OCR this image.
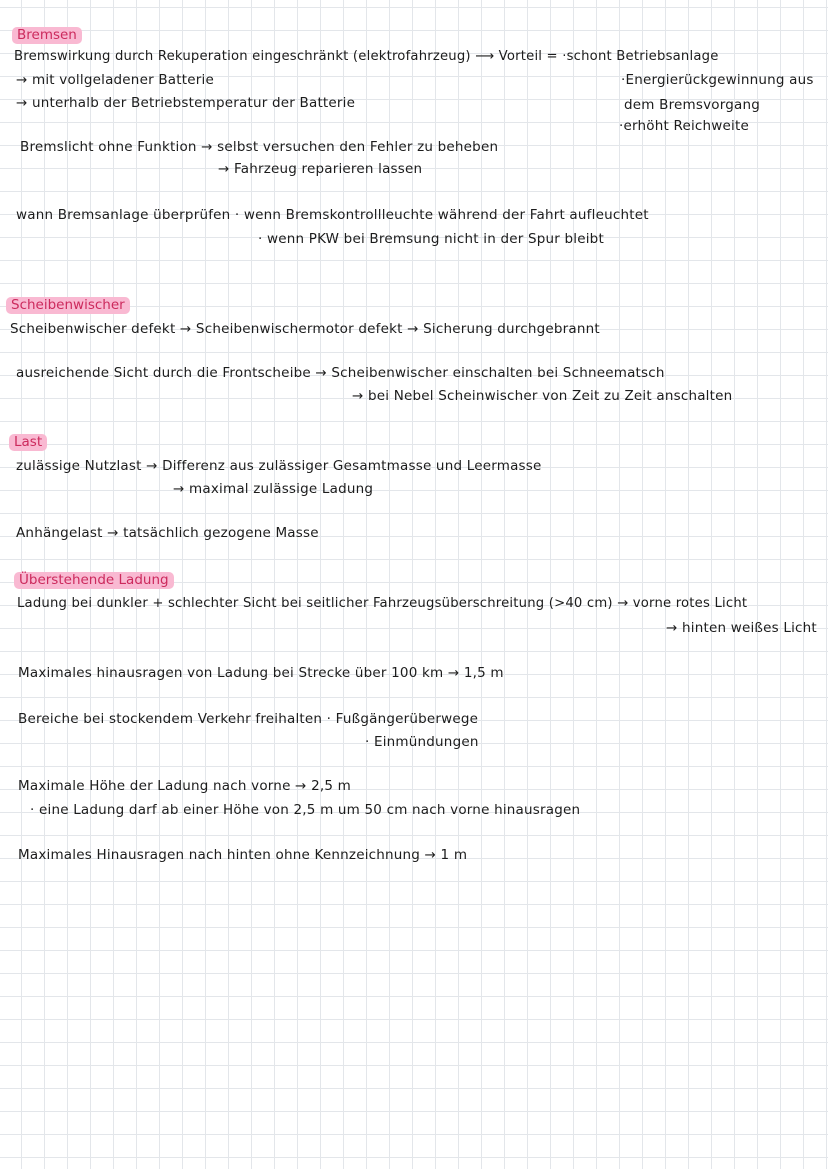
Bremsen
Bremswirkung durch Rekuperation eingeschränkt (elektrofahrzeug) ⟶ Vorteil = ·schont Betriebsanlage
→ mit vollgeladener Batterie	·Energierückgewinnung aus
→ unterhalb der Betriebstemperatur der Batterie	dem Bremsvorgang
·erhöht Reichweite
Bremslicht ohne Funktion → selbst versuchen den Fehler zu beheben
→ Fahrzeug reparieren lassen
wann Bremsanlage überprüfen · wenn Bremskontrollleuchte während der Fahrt aufleuchtet
· wenn PKW bei Bremsung nicht in der Spur bleibt
Scheibenwischer
Scheibenwischer defekt → Scheibenwischermotor defekt → Sicherung durchgebrannt
ausreichende Sicht durch die Frontscheibe → Scheibenwischer einschalten bei Schneematsch
→ bei Nebel Scheinwischer von Zeit zu Zeit anschalten
Last
zulässige Nutzlast → Differenz aus zulässiger Gesamtmasse und Leermasse
→ maximal zulässige Ladung
Anhängelast → tatsächlich gezogene Masse
Überstehende Ladung
Ladung bei dunkler + schlechter Sicht bei seitlicher Fahrzeugsüberschreitung (>40 cm) → vorne rotes Licht
→ hinten weißes Licht
Maximales hinausragen von Ladung bei Strecke über 100 km → 1,5 m
Bereiche bei stockendem Verkehr freihalten · Fußgängerüberwege
· Einmündungen
Maximale Höhe der Ladung nach vorne → 2,5 m
· eine Ladung darf ab einer Höhe von 2,5 m um 50 cm nach vorne hinausragen
Maximales Hinausragen nach hinten ohne Kennzeichnung → 1 m
